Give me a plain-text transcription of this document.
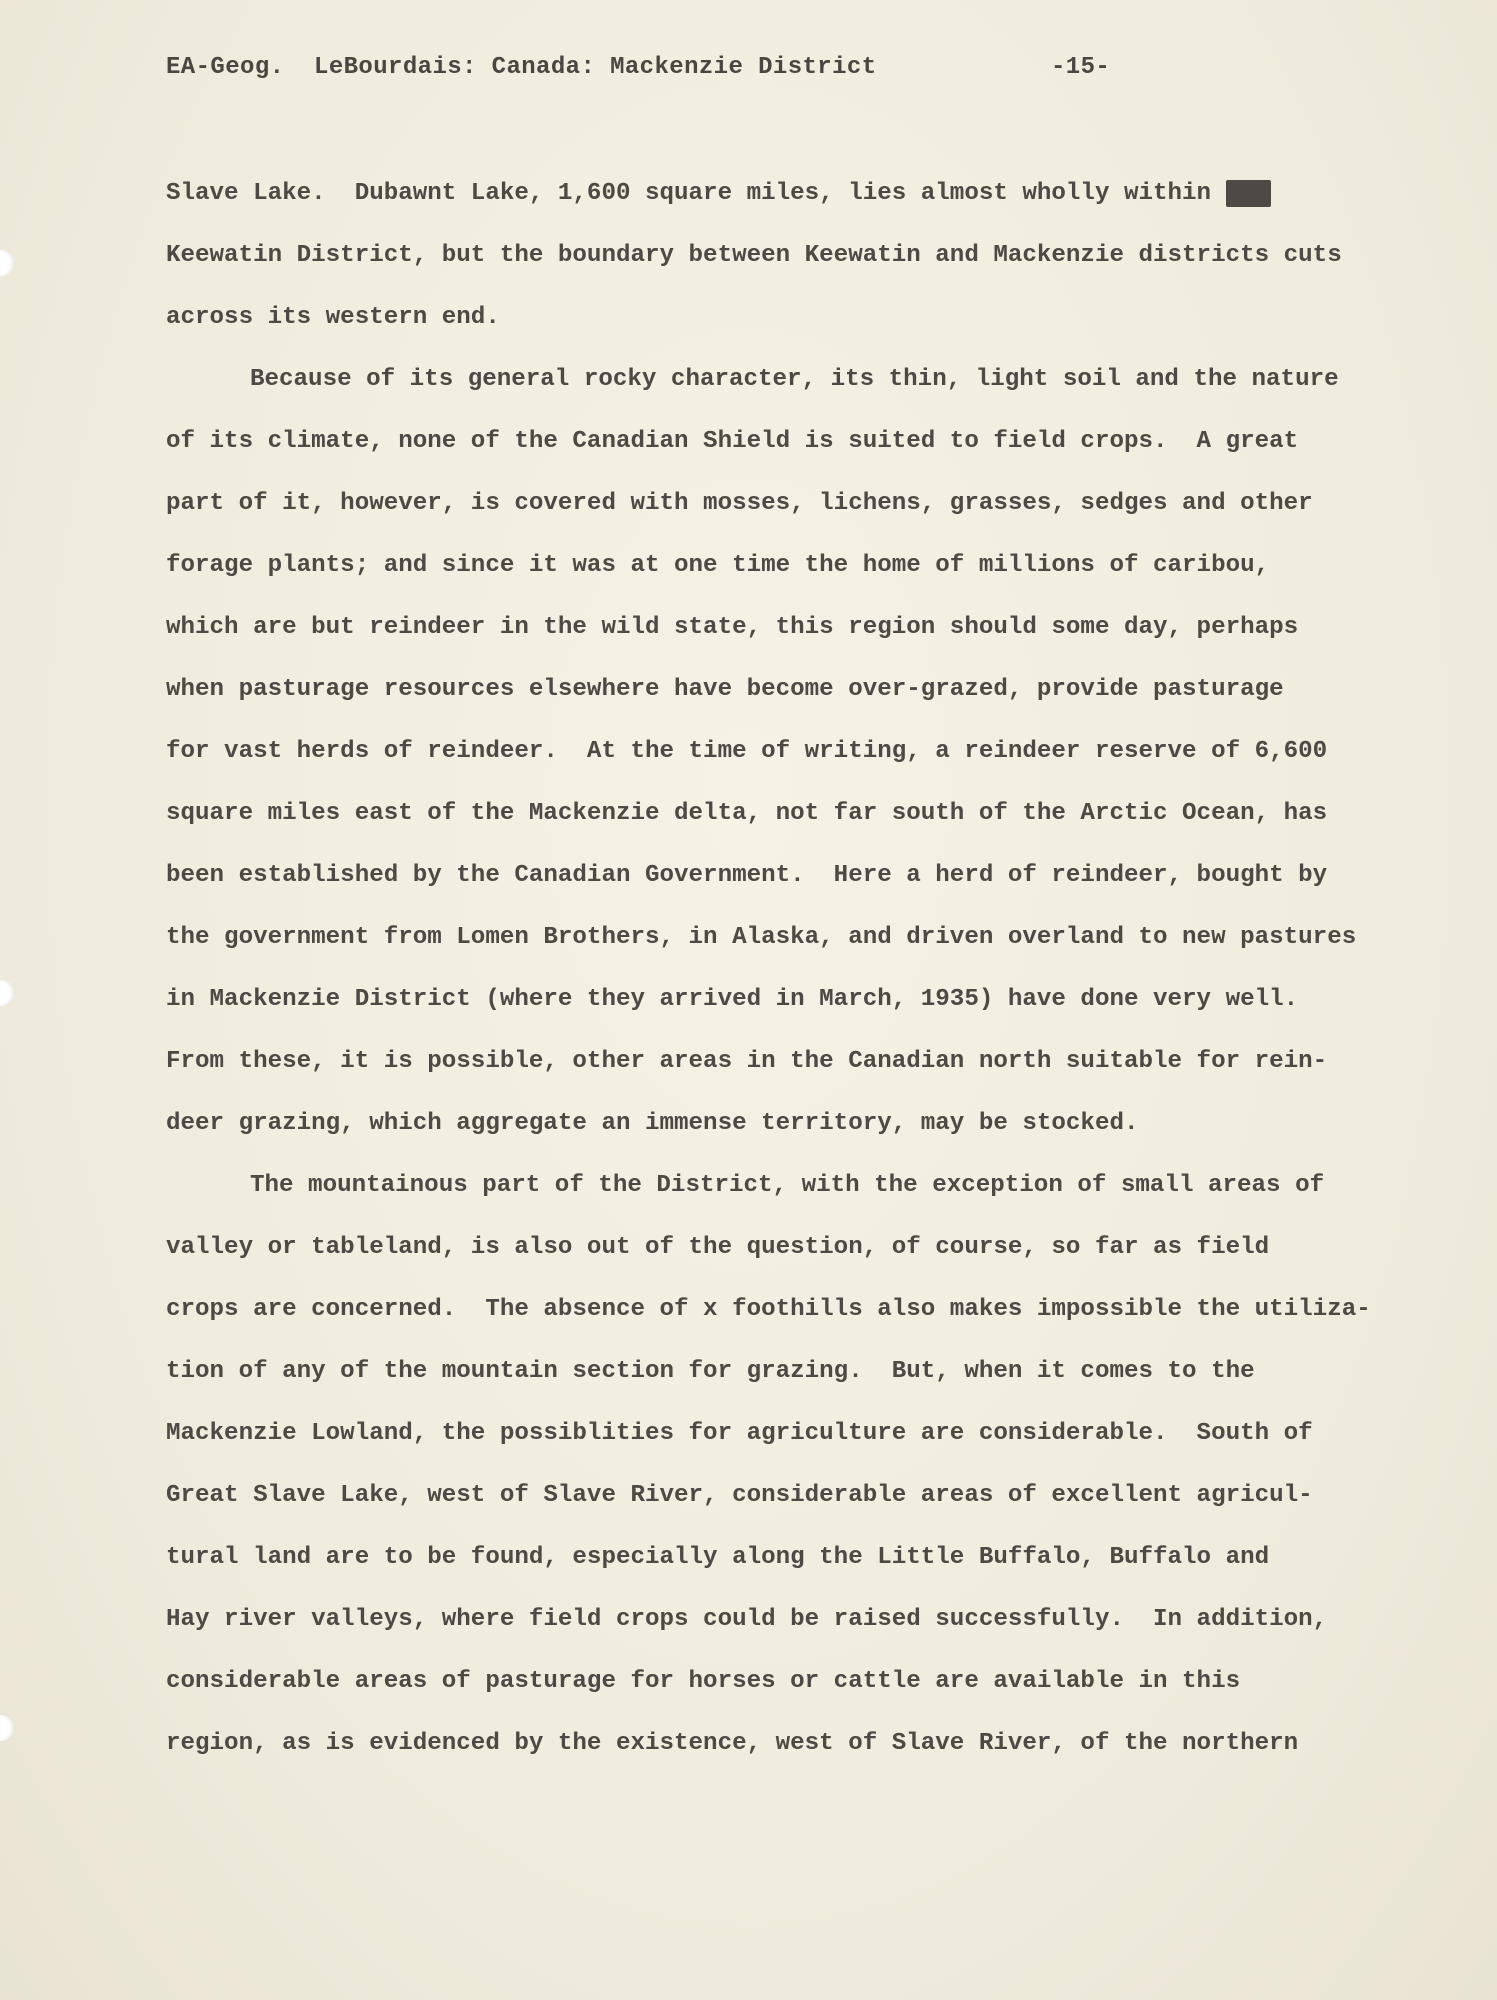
EA-Geog.  LeBourdais: Canada: Mackenzie District	-15-
Slave Lake.  Dubawnt Lake, 1,600 square miles, lies almost wholly within
Keewatin District, but the boundary between Keewatin and Mackenzie districts cuts
across its western end.
Because of its general rocky character, its thin, light soil and the nature
of its climate, none of the Canadian Shield is suited to field crops.  A great
part of it, however, is covered with mosses, lichens, grasses, sedges and other
forage plants; and since it was at one time the home of millions of caribou,
which are but reindeer in the wild state, this region should some day, perhaps
when pasturage resources elsewhere have become over-grazed, provide pasturage
for vast herds of reindeer.  At the time of writing, a reindeer reserve of 6,600
square miles east of the Mackenzie delta, not far south of the Arctic Ocean, has
been established by the Canadian Government.  Here a herd of reindeer, bought by
the government from Lomen Brothers, in Alaska, and driven overland to new pastures
in Mackenzie District (where they arrived in March, 1935) have done very well.
From these, it is possible, other areas in the Canadian north suitable for rein-
deer grazing, which aggregate an immense territory, may be stocked.
The mountainous part of the District, with the exception of small areas of
valley or tableland, is also out of the question, of course, so far as field
crops are concerned.  The absence of x foothills also makes impossible the utiliza-
tion of any of the mountain section for grazing.  But, when it comes to the
Mackenzie Lowland, the possiblities for agriculture are considerable.  South of
Great Slave Lake, west of Slave River, considerable areas of excellent agricul-
tural land are to be found, especially along the Little Buffalo, Buffalo and
Hay river valleys, where field crops could be raised successfully.  In addition,
considerable areas of pasturage for horses or cattle are available in this
region, as is evidenced by the existence, west of Slave River, of the northern
